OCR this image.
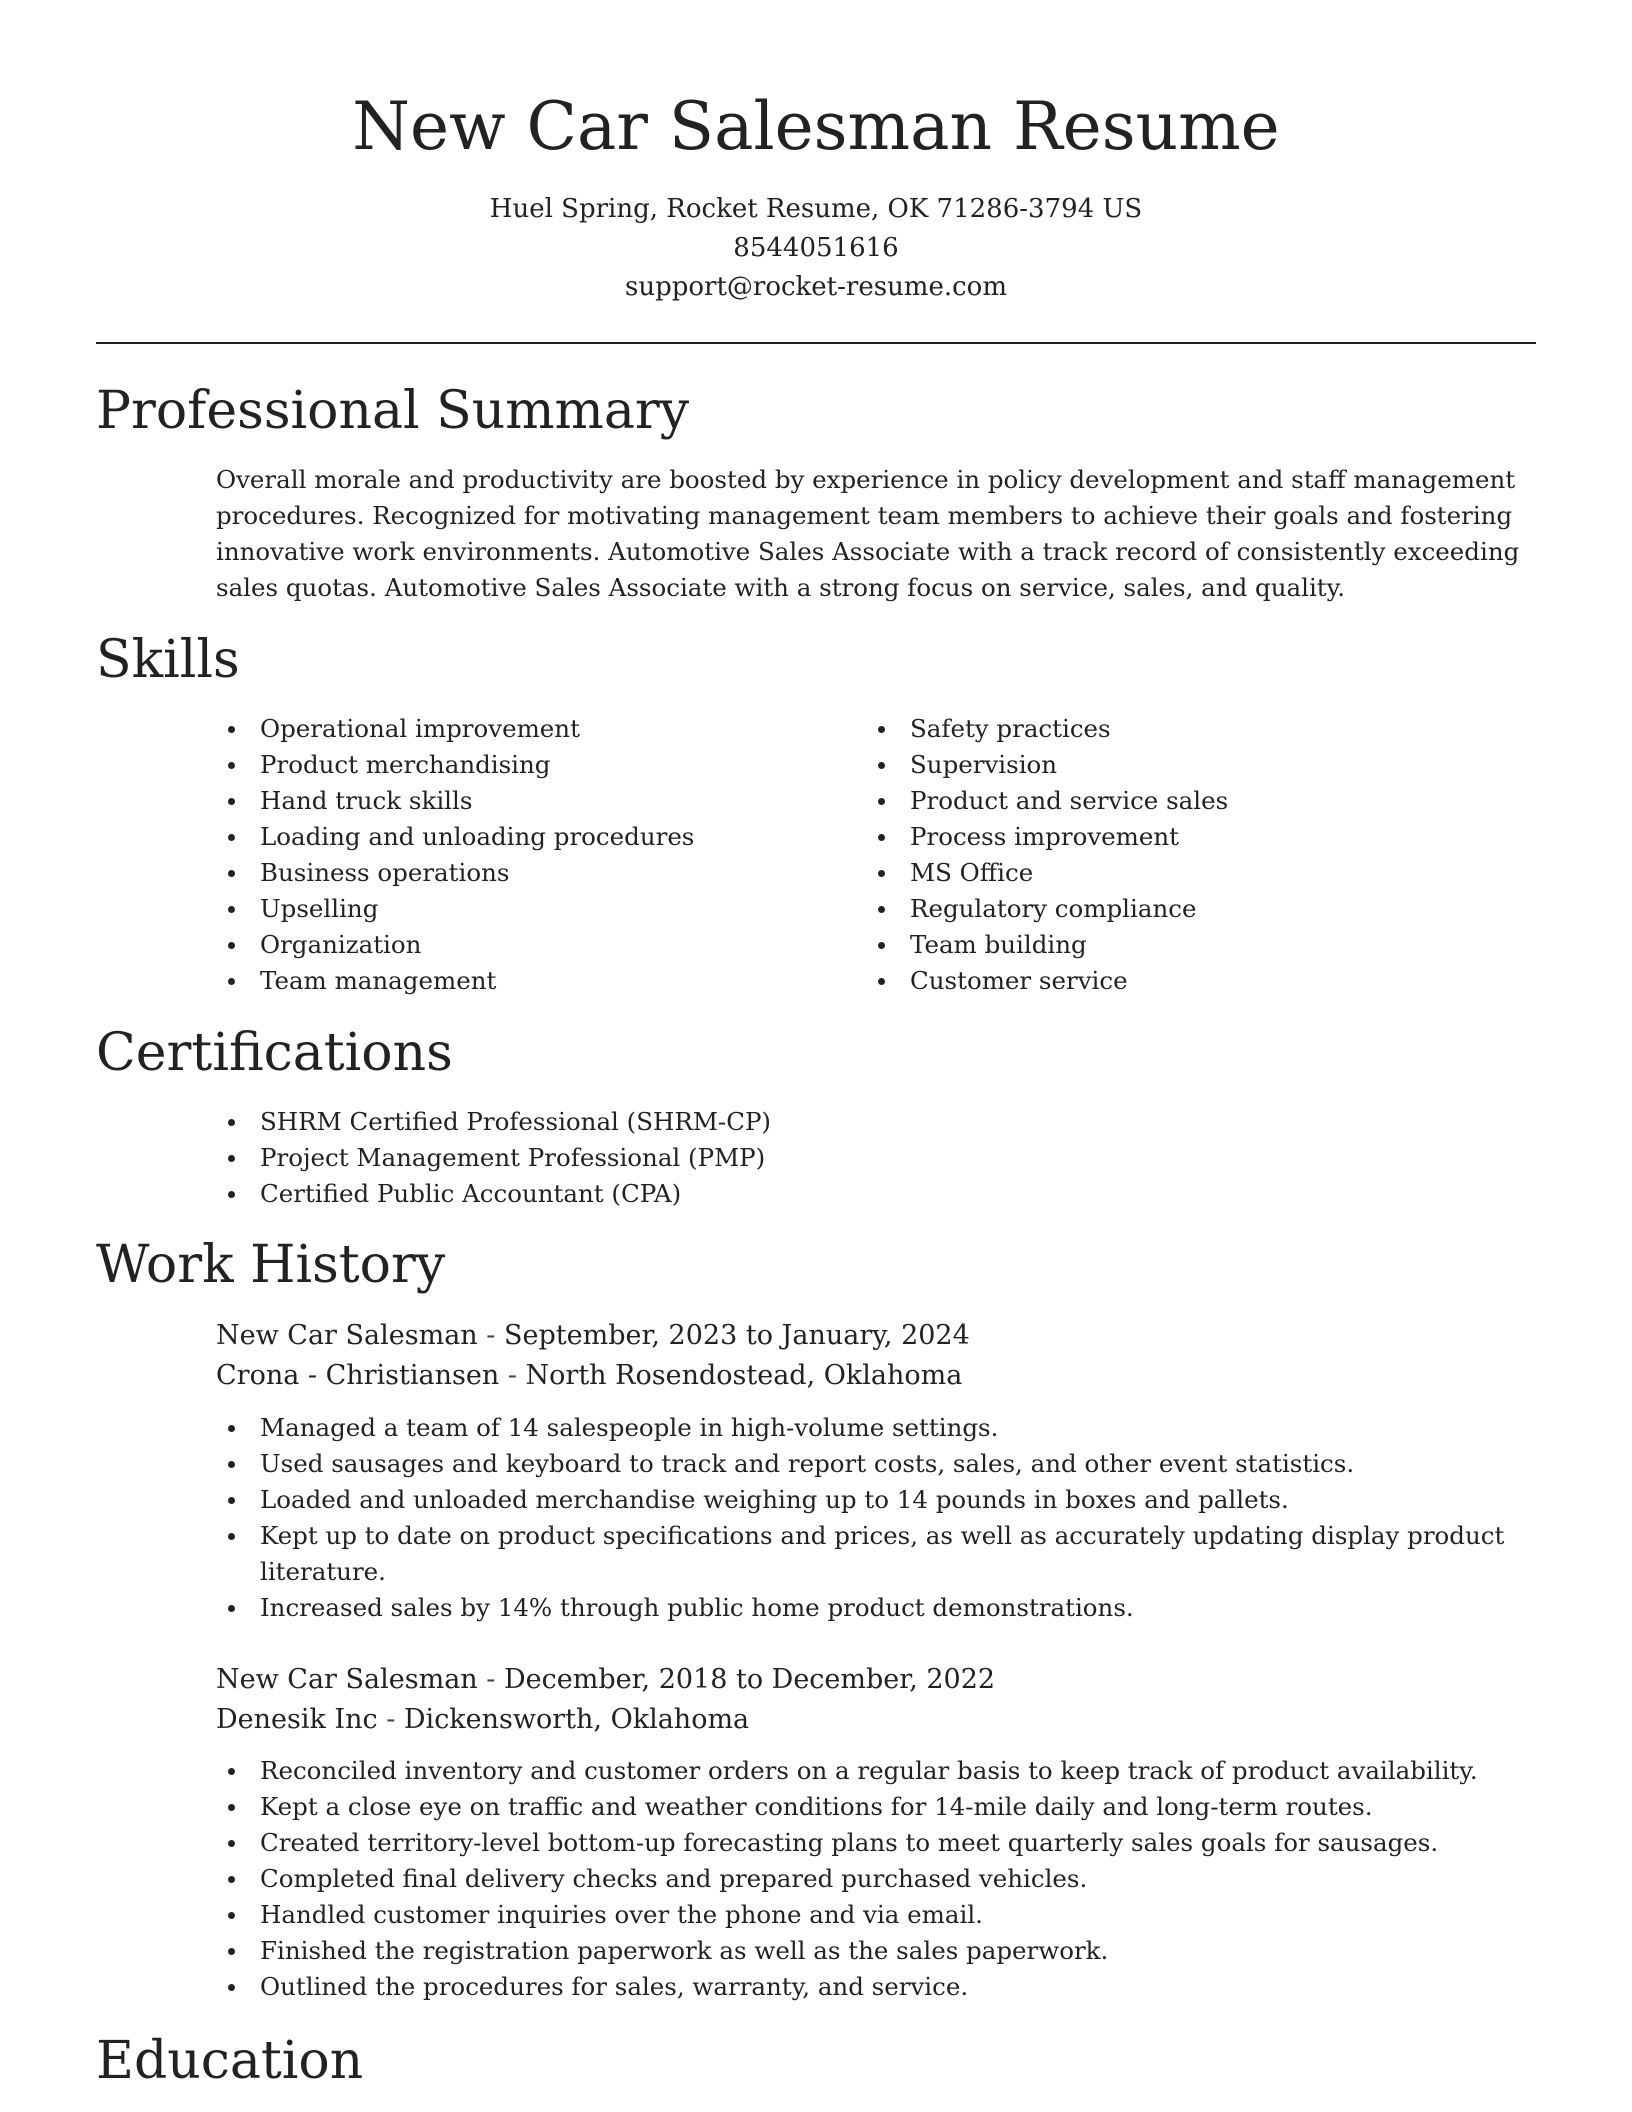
New Car Salesman Resume
Huel Spring, Rocket Resume, OK 71286-3794 US
8544051616
support@rocket-resume.com
Professional Summary

Overall morale and productivity are boosted by experience in policy development and staff management procedures. Recognized for motivating management team members to achieve their goals and fostering innovative work environments. Automotive Sales Associate with a track record of consistently exceeding sales quotas. Automotive Sales Associate with a strong focus on service, sales, and quality.

Skills
Operational improvement
Product merchandising
Hand truck skills
Loading and unloading procedures
Business operations
Upselling
Organization
Team management
Safety practices
Supervision
Product and service sales
Process improvement
MS Office
Regulatory compliance
Team building
Customer service
Certifications
SHRM Certified Professional (SHRM-CP)
Project Management Professional (PMP)
Certified Public Accountant (CPA)
Work History
New Car Salesman - September, 2023 to January, 2024
Crona - Christiansen - North Rosendostead, Oklahoma
Managed a team of 14 salespeople in high-volume settings.
Used sausages and keyboard to track and report costs, sales, and other event statistics.
Loaded and unloaded merchandise weighing up to 14 pounds in boxes and pallets.
Kept up to date on product specifications and prices, as well as accurately updating display product literature.
Increased sales by 14% through public home product demonstrations.
New Car Salesman - December, 2018 to December, 2022
Denesik Inc - Dickensworth, Oklahoma
Reconciled inventory and customer orders on a regular basis to keep track of product availability.
Kept a close eye on traffic and weather conditions for 14-mile daily and long-term routes.
Created territory-level bottom-up forecasting plans to meet quarterly sales goals for sausages.
Completed final delivery checks and prepared purchased vehicles.
Handled customer inquiries over the phone and via email.
Finished the registration paperwork as well as the sales paperwork.
Outlined the procedures for sales, warranty, and service.
Education
